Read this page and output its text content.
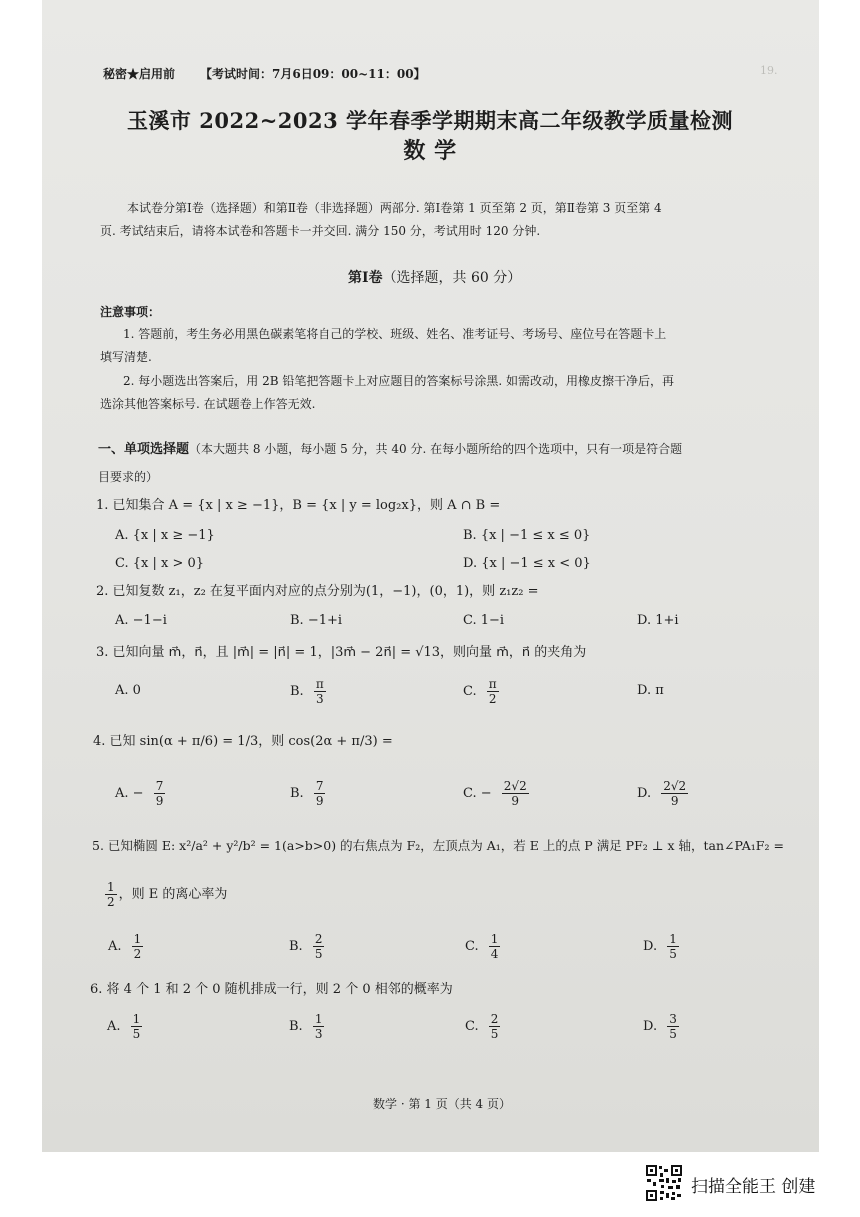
19.
秘密★启用前 【考试时间：7月6日09：00~11：00】
玉溪市 2022~2023 学年春季学期期末高二年级教学质量检测
数 学
本试卷分第Ⅰ卷（选择题）和第Ⅱ卷（非选择题）两部分. 第Ⅰ卷第 1 页至第 2 页，第Ⅱ卷第 3 页至第 4
页. 考试结束后，请将本试卷和答题卡一并交回. 满分 150 分，考试用时 120 分钟.
第Ⅰ卷（选择题，共 60 分）
注意事项：
1. 答题前，考生务必用黑色碳素笔将自己的学校、班级、姓名、准考证号、考场号、座位号在答题卡上
填写清楚.
2. 每小题选出答案后，用 2B 铅笔把答题卡上对应题目的答案标号涂黑. 如需改动，用橡皮擦干净后，再
选涂其他答案标号. 在试题卷上作答无效.
一、单项选择题（本大题共 8 小题，每小题 5 分，共 40 分. 在每小题所给的四个选项中，只有一项是符合题
目要求的）
1. 已知集合 A = {x | x ≥ −1}，B = {x | y = log₂x}，则 A ∩ B =
A. {x | x ≥ −1}	B. {x | −1 ≤ x ≤ 0}
C. {x | x > 0}	D. {x | −1 ≤ x < 0}
2. 已知复数 z₁，z₂ 在复平面内对应的点分别为(1，−1)，(0，1)，则 z₁z₂ =
A. −1−i	B. −1+i	C. 1−i	D. 1+i
3. 已知向量 m⃗，n⃗，且 |m⃗| = |n⃗| = 1，|3m⃗ − 2n⃗| = √13，则向量 m⃗，n⃗ 的夹角为
A. 0	B. $\frac{\pi}{3}$	C. $\frac{\pi}{2}$	D. π
4. 已知 sin(α + π/6) = 1/3，则 cos(2α + π/3) =
A. − $\frac{7}{9}$	B. $\frac{7}{9}$	C. − $\frac{2√2}{9}$	D. $\frac{2√2}{9}$
5. 已知椭圆 E: x²/a² + y²/b² = 1(a>b>0) 的右焦点为 F₂，左顶点为 A₁，若 E 上的点 P 满足 PF₂ ⊥ x 轴，tan∠PA₁F₂ =
$\frac{1}{2}$ ，则 E 的离心率为
A. $\frac{1}{2}$	B. $\frac{2}{5}$	C. $\frac{1}{4}$	D. $\frac{1}{5}$
6. 将 4 个 1 和 2 个 0 随机排成一行，则 2 个 0 相邻的概率为
A. $\frac{1}{5}$	B. $\frac{1}{3}$	C. $\frac{2}{5}$	D. $\frac{3}{5}$
数学 · 第 1 页（共 4 页）
扫描全能王 创建
